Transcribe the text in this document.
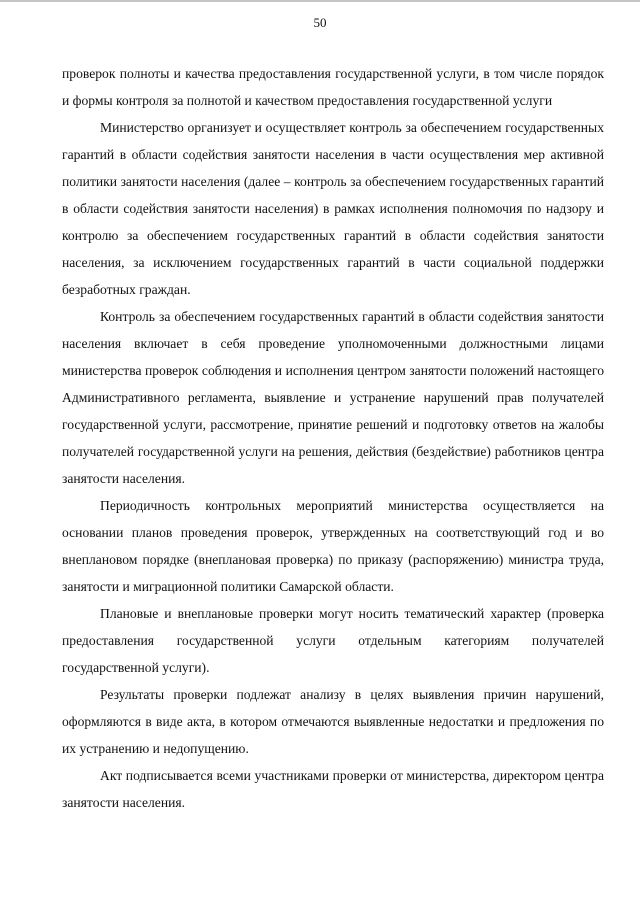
50

проверок полноты и качества предоставления государственной услуги, в том числе порядок и формы контроля за полнотой и качеством предоставления государственной услуги

Министерство организует и осуществляет контроль за обеспечением государственных гарантий в области содействия занятости населения в части осуществления мер активной политики занятости населения (далее – контроль за обеспечением государственных гарантий в области содействия занятости населения) в рамках исполнения полномочия по надзору и контролю за обеспечением государственных гарантий в области содействия занятости населения, за исключением государственных гарантий в части социальной поддержки безработных граждан.

Контроль за обеспечением государственных гарантий в области содействия занятости населения включает в себя проведение уполномоченными должностными лицами министерства проверок соблюдения и исполнения центром занятости положений настоящего Административного регламента, выявление и устранение нарушений прав получателей государственной услуги, рассмотрение, принятие решений и подготовку ответов на жалобы получателей государственной услуги на решения, действия (бездействие) работников центра занятости населения.

Периодичность контрольных мероприятий министерства осуществляется на основании планов проведения проверок, утвержденных на соответствующий год и во внеплановом порядке (внеплановая проверка) по приказу (распоряжению) министра труда, занятости и миграционной политики Самарской области.

Плановые и внеплановые проверки могут носить тематический характер (проверка предоставления государственной услуги отдельным категориям получателей государственной услуги).

Результаты проверки подлежат анализу в целях выявления причин нарушений, оформляются в виде акта, в котором отмечаются выявленные недостатки и предложения по их устранению и недопущению.

Акт подписывается всеми участниками проверки от министерства, директором центра занятости населения.
